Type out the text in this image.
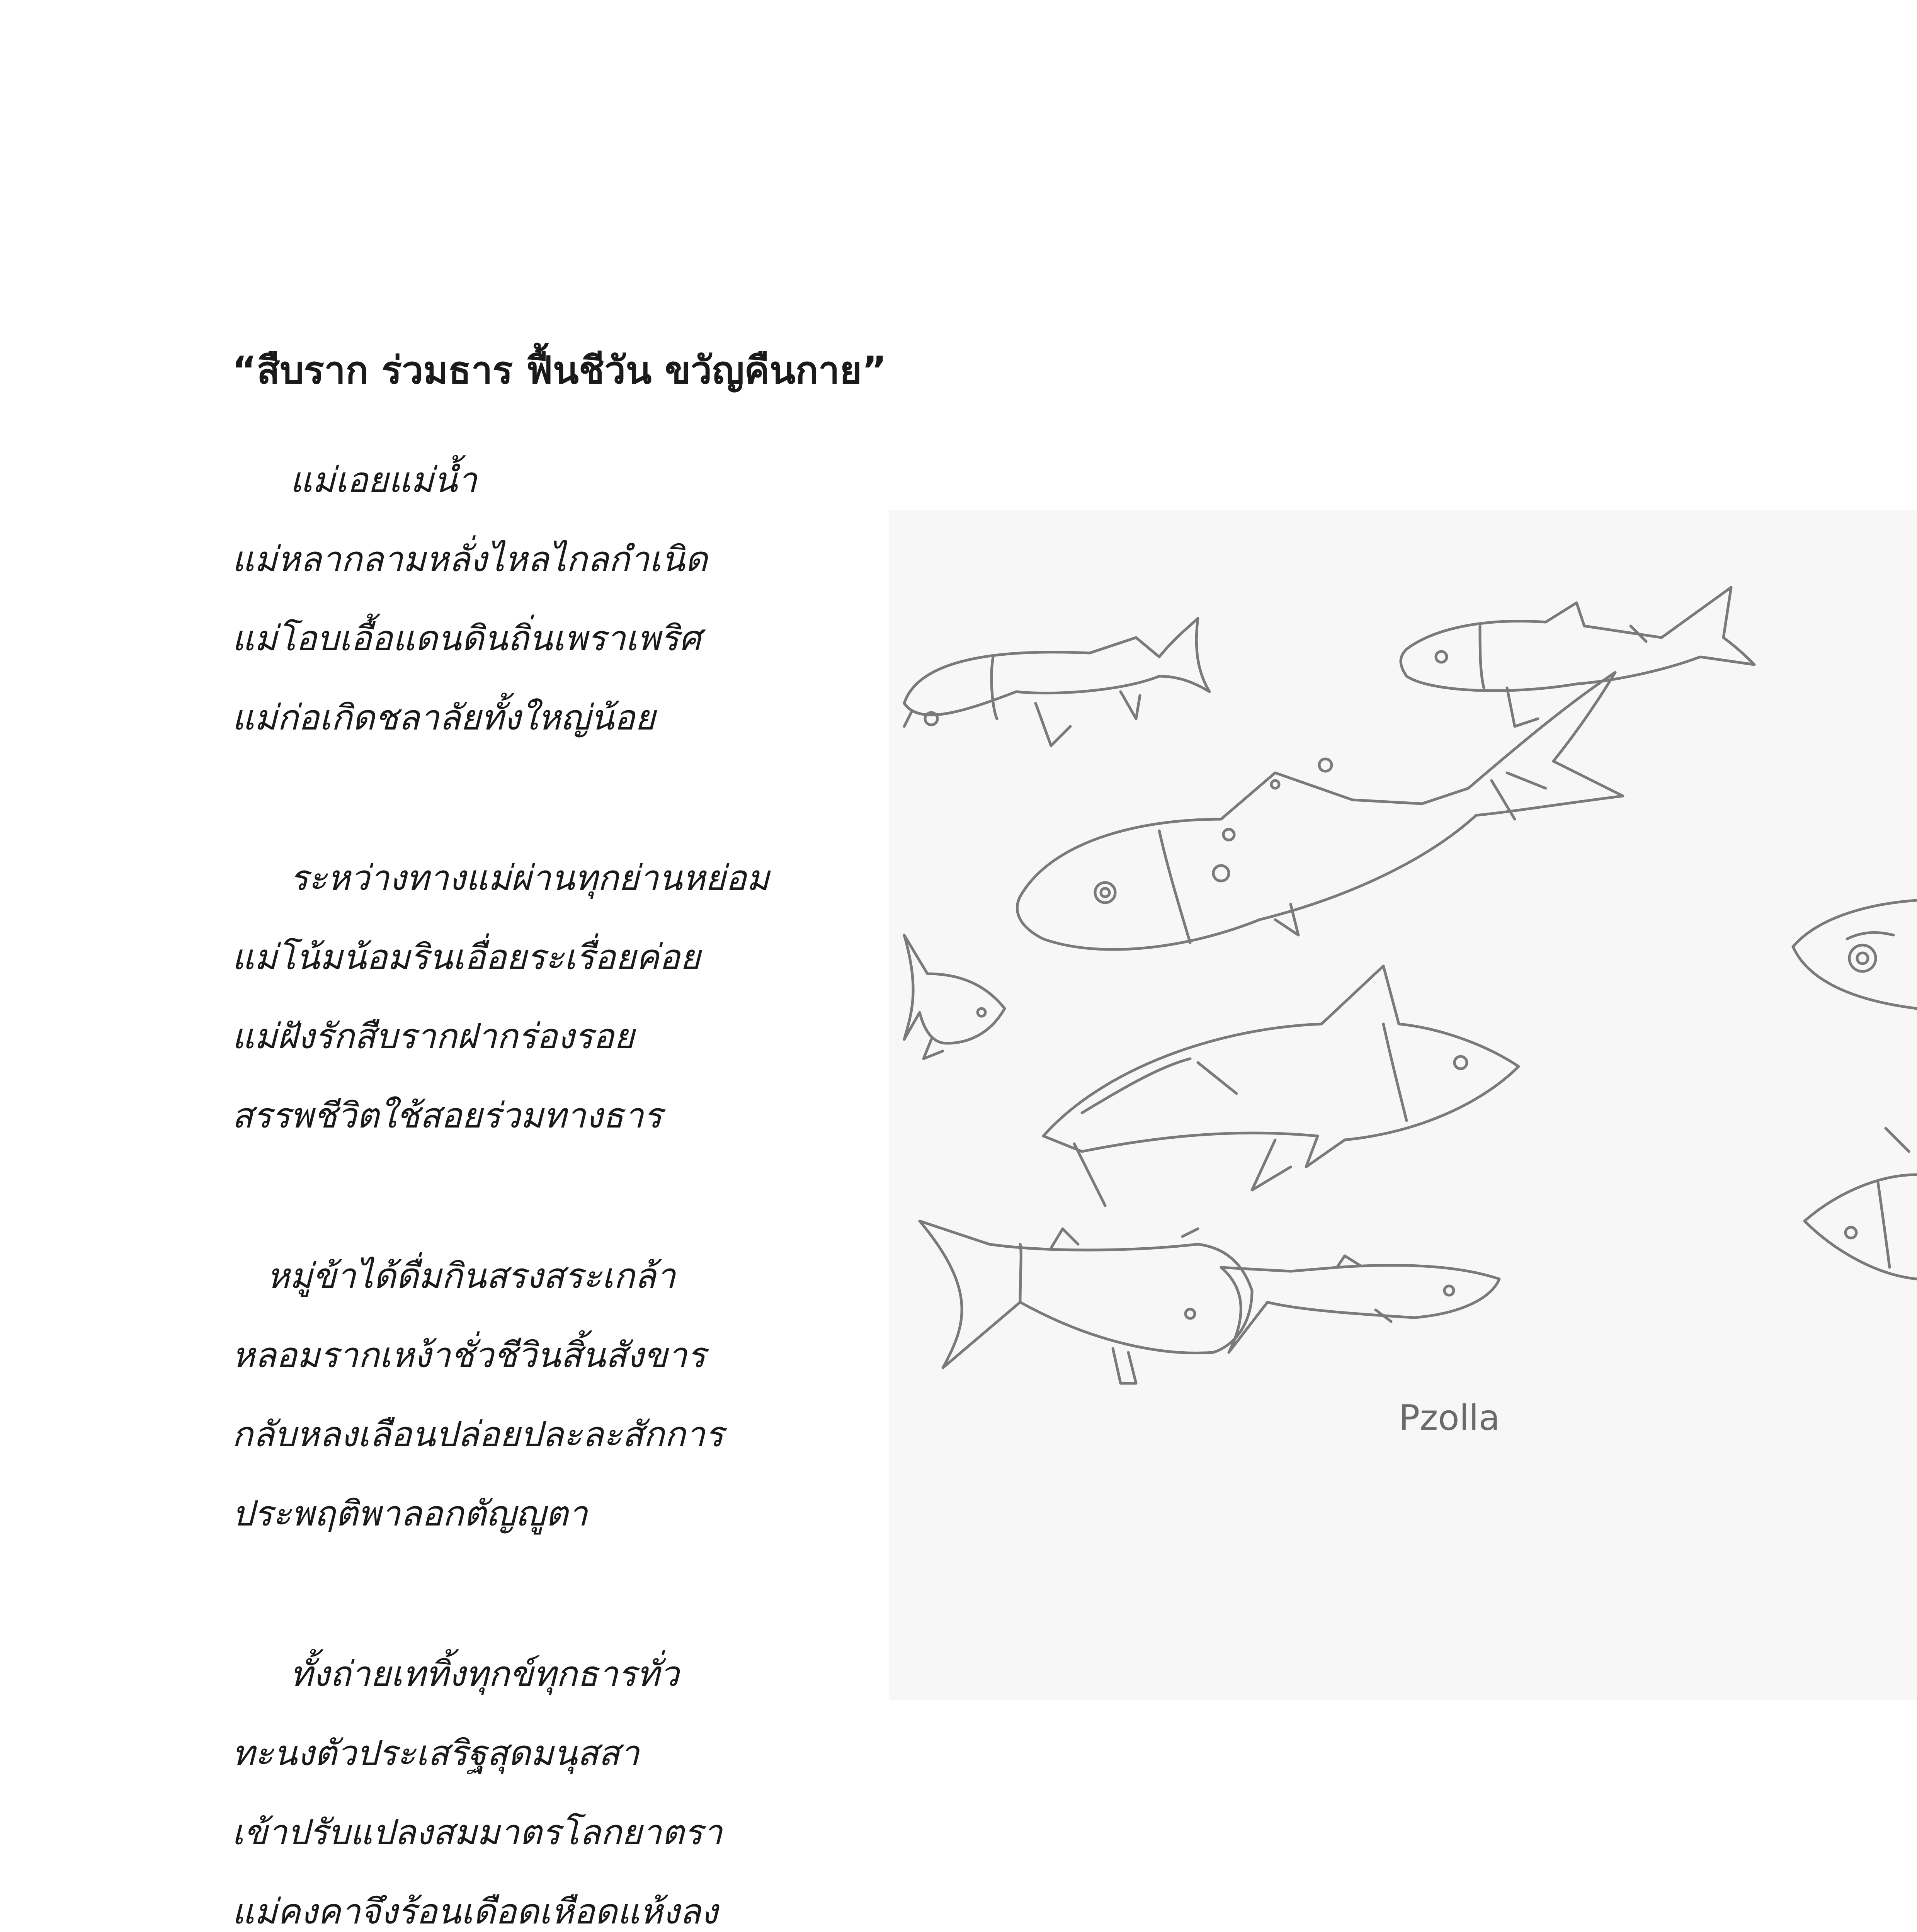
“สืบราก ร่วมธาร ฟื้นชีวัน ขวัญคืนกาย”
แม่เอยแม่น้ำ
แม่หลากลามหลั่งไหลไกลกำเนิด
แม่โอบเอื้อแดนดินถิ่นเพราเพริศ
แม่ก่อเกิดชลาลัยทั้งใหญ่น้อย
ระหว่างทางแม่ผ่านทุกย่านหย่อม
แม่โน้มน้อมรินเอื่อยระเรื่อยค่อย
แม่ฝังรักสืบรากฝากร่องรอย
สรรพชีวิตใช้สอยร่วมทางธาร
หมู่ข้าได้ดื่มกินสรงสระเกล้า
หลอมรากเหง้าชั่วชีวินสิ้นสังขาร
กลับหลงเลือนปล่อยปละละสักการ
ประพฤติพาลอกตัญญูตา
ทั้งถ่ายเททิ้งทุกข์ทุกธารทั่ว
ทะนงตัวประเสริฐสุดมนุสสา
เข้าปรับแปลงสมมาตรโลกยาตรา
แม่คงคาจึงร้อนเดือดเหือดแห้งลง
Pzolla
